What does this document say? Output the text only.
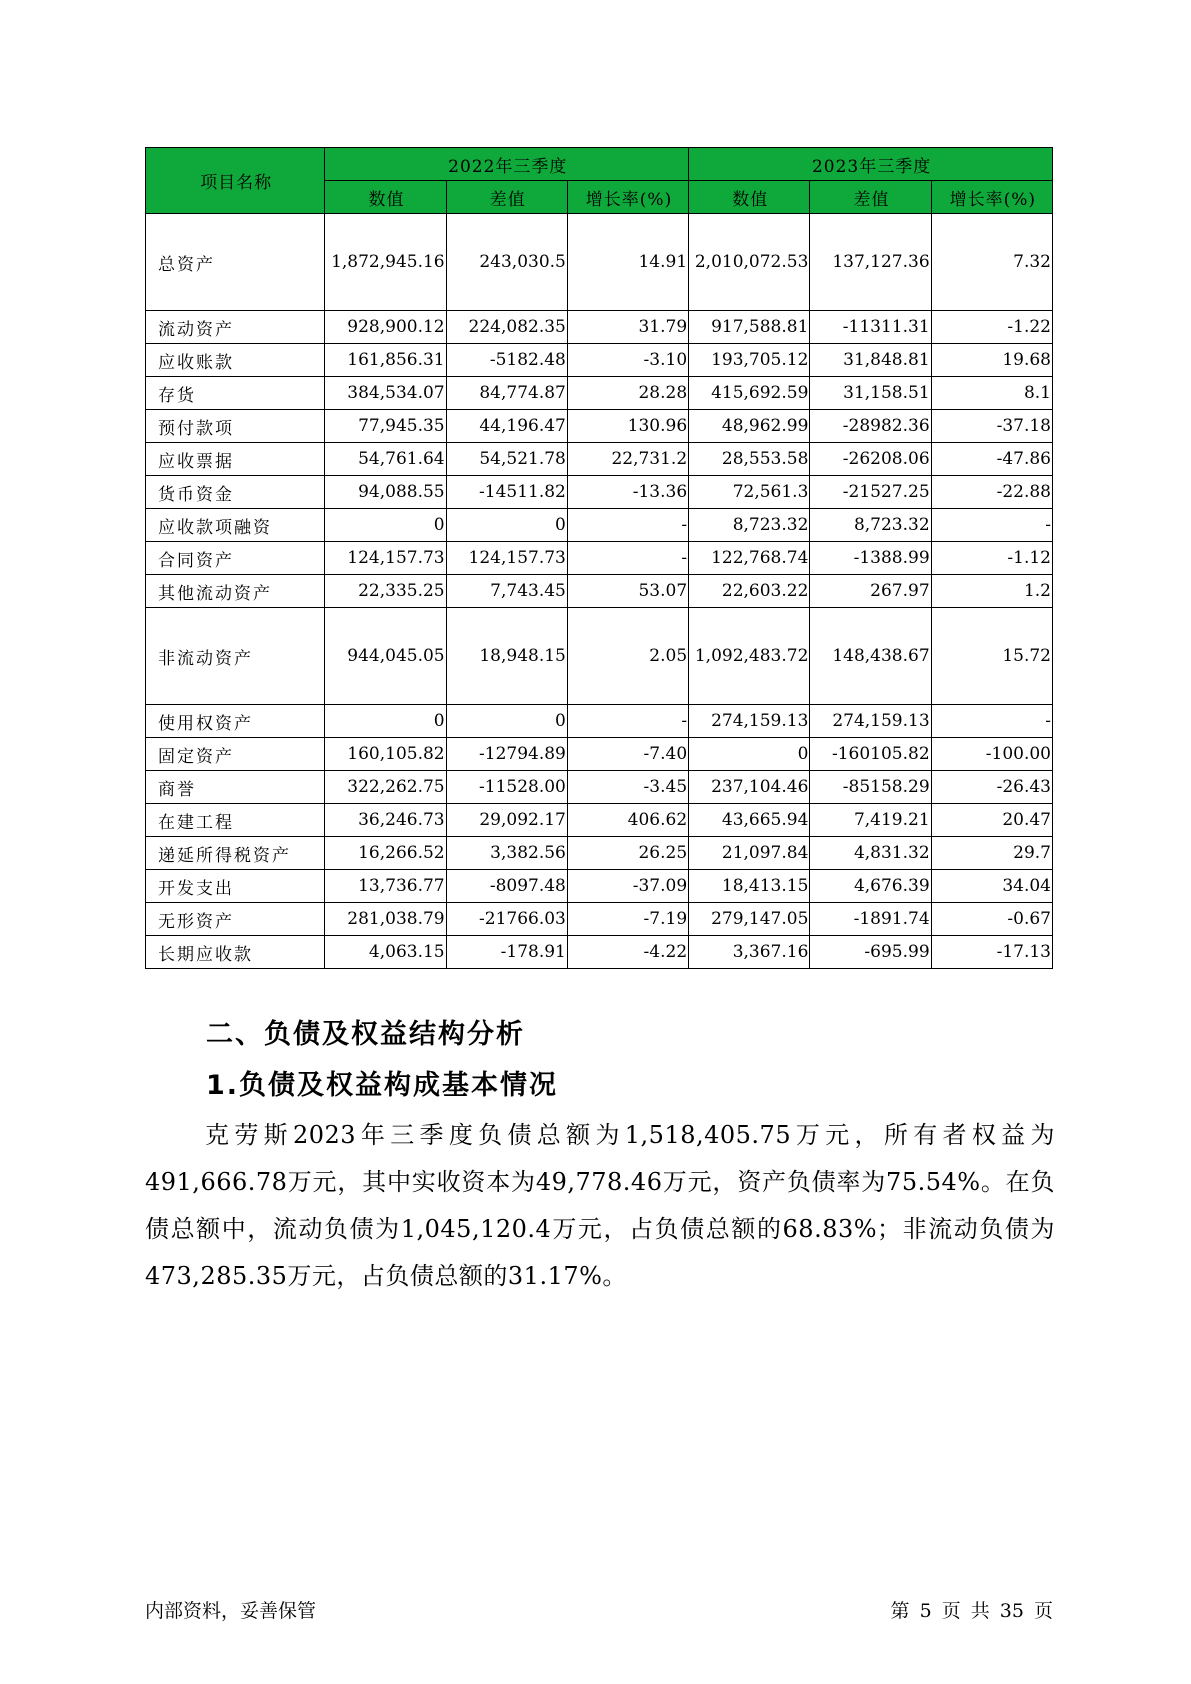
项目名称	2022年三季度			2023年三季度		
	数值	差值	增长率(%)	数值	差值	增长率(%)
总资产	1,872,945.16	243,030.5	14.91	2,010,072.53	137,127.36	7.32
流动资产	928,900.12	224,082.35	31.79	917,588.81	-11311.31	-1.22
应收账款	161,856.31	-5182.48	-3.10	193,705.12	31,848.81	19.68
存货	384,534.07	84,774.87	28.28	415,692.59	31,158.51	8.1
预付款项	77,945.35	44,196.47	130.96	48,962.99	-28982.36	-37.18
应收票据	54,761.64	54,521.78	22,731.2	28,553.58	-26208.06	-47.86
货币资金	94,088.55	-14511.82	-13.36	72,561.3	-21527.25	-22.88
应收款项融资	0	0	-	8,723.32	8,723.32	-
合同资产	124,157.73	124,157.73	-	122,768.74	-1388.99	-1.12
其他流动资产	22,335.25	7,743.45	53.07	22,603.22	267.97	1.2
非流动资产	944,045.05	18,948.15	2.05	1,092,483.72	148,438.67	15.72
使用权资产	0	0	-	274,159.13	274,159.13	-
固定资产	160,105.82	-12794.89	-7.40	0	-160105.82	-100.00
商誉	322,262.75	-11528.00	-3.45	237,104.46	-85158.29	-26.43
在建工程	36,246.73	29,092.17	406.62	43,665.94	7,419.21	20.47
递延所得税资产	16,266.52	3,382.56	26.25	21,097.84	4,831.32	29.7
开发支出	13,736.77	-8097.48	-37.09	18,413.15	4,676.39	34.04
无形资产	281,038.79	-21766.03	-7.19	279,147.05	-1891.74	-0.67
长期应收款	4,063.15	-178.91	-4.22	3,367.16	-695.99	-17.13
二、负债及权益结构分析
1.负债及权益构成基本情况

克劳斯2023年三季度负债总额为1,518,405.75万元，所有者权益为491,666.78万元，其中实收资本为49,778.46万元，资产负债率为75.54%。在负债总额中，流动负债为1,045,120.4万元，占负债总额的68.83%；非流动负债为473,285.35万元，占负债总额的31.17%。

内部资料，妥善保管	第 5 页 共 35 页
